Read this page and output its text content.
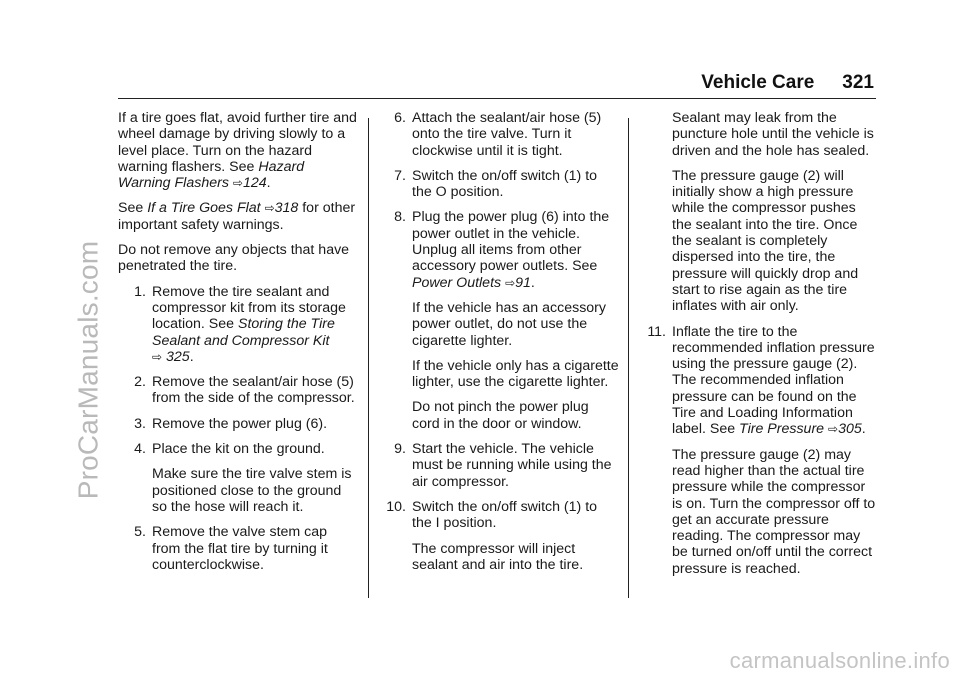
ProCarManuals.com
Vehicle Care 321

If a tire goes flat, avoid further tire and wheel damage by driving slowly to a level place. Turn on the hazard warning flashers. See Hazard Warning Flashers ⇨124.

See If a Tire Goes Flat ⇨318 for other important safety warnings.

Do not remove any objects that have penetrated the tire.

1. Remove the tire sealant and compressor kit from its storage location. See Storing the Tire Sealant and Compressor Kit
⇨ 325.
2. Remove the sealant/air hose (5) from the side of the compressor.
3. Remove the power plug (6).
4. Place the kit on the ground.

Make sure the tire valve stem is positioned close to the ground so the hose will reach it.

5. Remove the valve stem cap from the flat tire by turning it counterclockwise.
6. Attach the sealant/air hose (5) onto the tire valve. Turn it clockwise until it is tight.
7. Switch the on/off switch (1) to the O position.
8. Plug the power plug (6) into the power outlet in the vehicle. Unplug all items from other accessory power outlets. See Power Outlets ⇨91.

If the vehicle has an accessory power outlet, do not use the cigarette lighter.

If the vehicle only has a cigarette lighter, use the cigarette lighter.

Do not pinch the power plug cord in the door or window.

9. Start the vehicle. The vehicle must be running while using the air compressor.
10. Switch the on/off switch (1) to the I position.

The compressor will inject sealant and air into the tire.

Sealant may leak from the puncture hole until the vehicle is driven and the hole has sealed.

The pressure gauge (2) will initially show a high pressure while the compressor pushes the sealant into the tire. Once the sealant is completely dispersed into the tire, the pressure will quickly drop and start to rise again as the tire inflates with air only.

11. Inflate the tire to the recommended inflation pressure using the pressure gauge (2). The recommended inflation pressure can be found on the Tire and Loading Information label. See Tire Pressure ⇨305.

The pressure gauge (2) may read higher than the actual tire pressure while the compressor is on. Turn the compressor off to get an accurate pressure reading. The compressor may be turned on/off until the correct pressure is reached.

carmanualsonline.info
